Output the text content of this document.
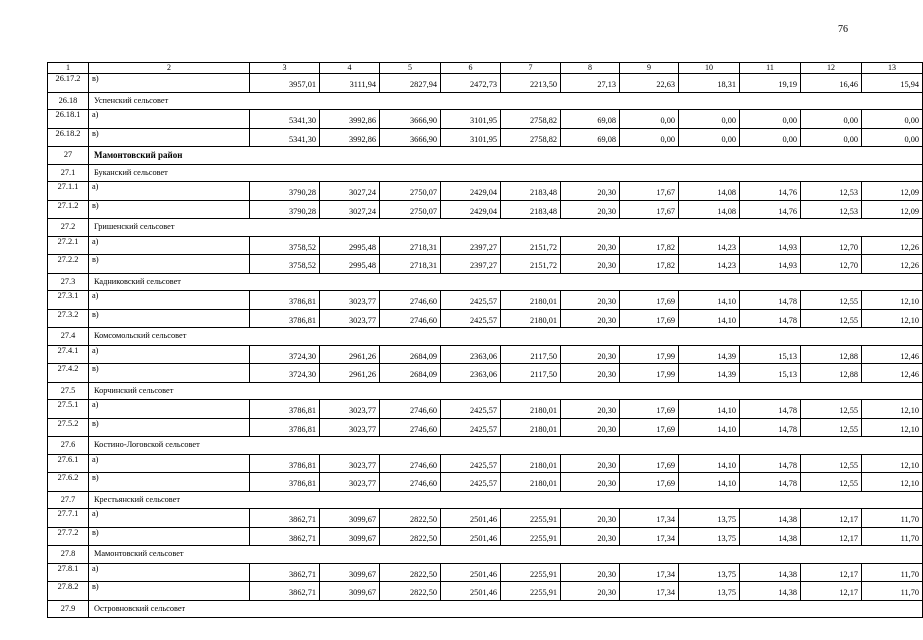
76
1	2	3	4	5	6	7	8	9	10	11	12	13
26.17.2	в)	3957,01	3111,94	2827,94	2472,73	2213,50	27,13	22,63	18,31	19,19	16,46	15,94
26.18	Успенский сельсовет											
26.18.1	а)	5341,30	3992,86	3666,90	3101,95	2758,82	69,08	0,00	0,00	0,00	0,00	0,00
26.18.2	в)	5341,30	3992,86	3666,90	3101,95	2758,82	69,08	0,00	0,00	0,00	0,00	0,00
27	Мамонтовский район											
27.1	Буканский сельсовет											
27.1.1	а)	3790,28	3027,24	2750,07	2429,04	2183,48	20,30	17,67	14,08	14,76	12,53	12,09
27.1.2	в)	3790,28	3027,24	2750,07	2429,04	2183,48	20,30	17,67	14,08	14,76	12,53	12,09
27.2	Гришенский сельсовет											
27.2.1	а)	3758,52	2995,48	2718,31	2397,27	2151,72	20,30	17,82	14,23	14,93	12,70	12,26
27.2.2	в)	3758,52	2995,48	2718,31	2397,27	2151,72	20,30	17,82	14,23	14,93	12,70	12,26
27.3	Кадниковский сельсовет											
27.3.1	а)	3786,81	3023,77	2746,60	2425,57	2180,01	20,30	17,69	14,10	14,78	12,55	12,10
27.3.2	в)	3786,81	3023,77	2746,60	2425,57	2180,01	20,30	17,69	14,10	14,78	12,55	12,10
27.4	Комсомольский сельсовет											
27.4.1	а)	3724,30	2961,26	2684,09	2363,06	2117,50	20,30	17,99	14,39	15,13	12,88	12,46
27.4.2	в)	3724,30	2961,26	2684,09	2363,06	2117,50	20,30	17,99	14,39	15,13	12,88	12,46
27.5	Корчинский сельсовет											
27.5.1	а)	3786,81	3023,77	2746,60	2425,57	2180,01	20,30	17,69	14,10	14,78	12,55	12,10
27.5.2	в)	3786,81	3023,77	2746,60	2425,57	2180,01	20,30	17,69	14,10	14,78	12,55	12,10
27.6	Костино-Логовской сельсовет											
27.6.1	а)	3786,81	3023,77	2746,60	2425,57	2180,01	20,30	17,69	14,10	14,78	12,55	12,10
27.6.2	в)	3786,81	3023,77	2746,60	2425,57	2180,01	20,30	17,69	14,10	14,78	12,55	12,10
27.7	Крестьянский сельсовет											
27.7.1	а)	3862,71	3099,67	2822,50	2501,46	2255,91	20,30	17,34	13,75	14,38	12,17	11,70
27.7.2	в)	3862,71	3099,67	2822,50	2501,46	2255,91	20,30	17,34	13,75	14,38	12,17	11,70
27.8	Мамонтовский сельсовет											
27.8.1	а)	3862,71	3099,67	2822,50	2501,46	2255,91	20,30	17,34	13,75	14,38	12,17	11,70
27.8.2	в)	3862,71	3099,67	2822,50	2501,46	2255,91	20,30	17,34	13,75	14,38	12,17	11,70
27.9	Островновский сельсовет											
